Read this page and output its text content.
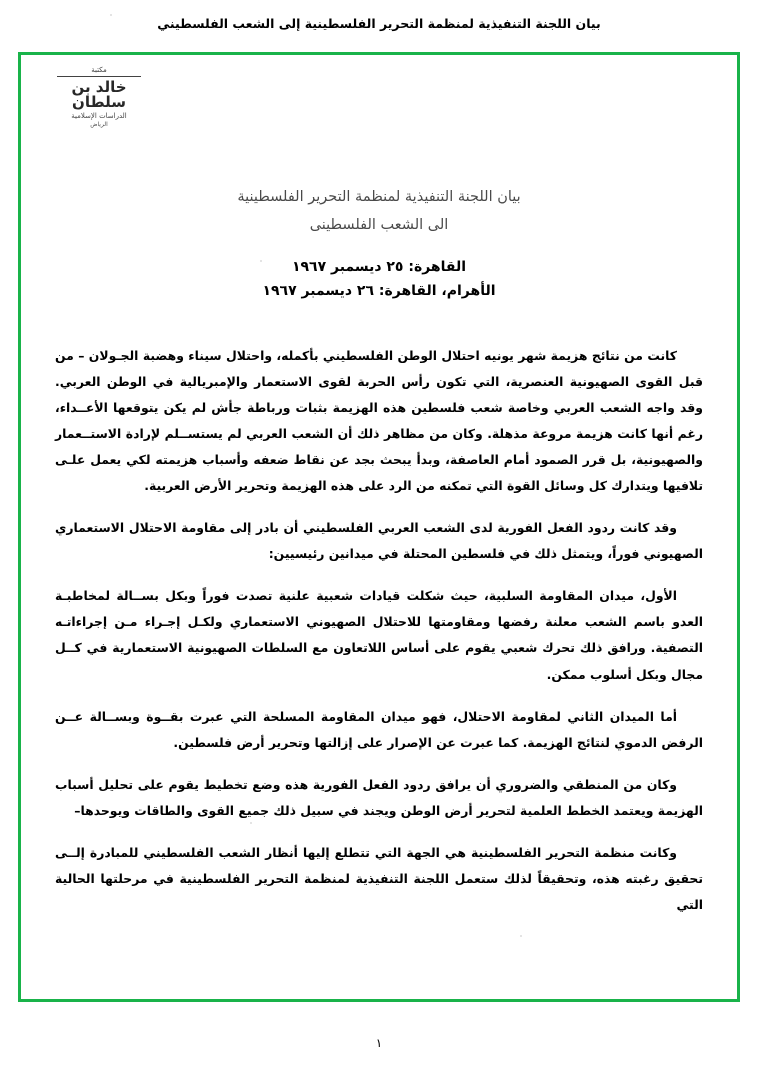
بيان اللجنة التنفيذية لمنظمة التحرير الفلسطينية إلى الشعب الفلسطيني
مكتبة
خالد بن سلطان
الدراسات الإسلامية
الرياض
بيان اللجنة التنفيذية لمنظمة التحرير الفلسطينية
الى الشعب الفلسطينى
القاهرة: ٢٥ ديسمبر ١٩٦٧
الأهرام، القاهرة: ٢٦ ديسمبر ١٩٦٧

كانت من نتائج هزيمة شهر يونيه احتلال الوطن الفلسطيني بأكمله، واحتلال سيناء وهضبة الجـولان – من قبل القوى الصهيونية العنصرية، التي تكون رأس الحربة لقوى الاستعمار والإمبريالية في الوطن العربي. وقد واجه الشعب العربي وخاصة شعب فلسطين هذه الهزيمة بثبات ورباطة جأش لم يكن يتوقعها الأعــداء، رغم أنها كانت هزيمة مروعة مذهلة. وكان من مظاهر ذلك أن الشعب العربي لم يستســلم لإرادة الاستــعمار والصهيونية، بل قرر الصمود أمام العاصفة، وبدأ يبحث بجد عن نقاط ضعفه وأسباب هزيمته لكي يعمل علـى تلافيها ويتدارك كل وسائل القوة التي تمكنه من الرد على هذه الهزيمة وتحرير الأرض العربية.

وقد كانت ردود الفعل الفورية لدى الشعب العربي الفلسطيني أن بادر إلى مقاومة الاحتلال الاستعماري الصهيوني فوراً، ويتمثل ذلك في فلسطين المحتلة في ميدانين رئيسيين:

الأول، ميدان المقاومة السلبية، حيث شكلت قيادات شعبية علنية تصدت فوراً وبكل بســالة لمخاطبـة العدو باسم الشعب معلنة رفضها ومقاومتها للاحتلال الصهيوني الاستعماري ولكـل إجـراء مـن إجراءاتـه التصفية. ورافق ذلك تحرك شعبي يقوم على أساس اللاتعاون مع السلطات الصهيونية الاستعمارية في كــل مجال وبكل أسلوب ممكن.

أما الميدان الثاني لمقاومة الاحتلال، فهو ميدان المقاومة المسلحة التي عبرت بقــوة وبســالة عــن الرفض الدموي لنتائج الهزيمة. كما عبرت عن الإصرار على إزالتها وتحرير أرض فلسطين.

وكان من المنطقي والضروري أن يرافق ردود الفعل الفورية هذه وضع تخطيط يقوم على تحليل أسباب الهزيمة ويعتمد الخطط العلمية لتحرير أرض الوطن ويجند في سبيل ذلك جميع القوى والطاقات ويوحدها–

وكانت منظمة التحرير الفلسطينية هي الجهة التي تتطلع إليها أنظار الشعب الفلسطيني للمبادرة إلــى تحقيق رغبته هذه، وتحقيقاً لذلك ستعمل اللجنة التنفيذية لمنظمة التحرير الفلسطينية في مرحلتها الحالية التي

١
